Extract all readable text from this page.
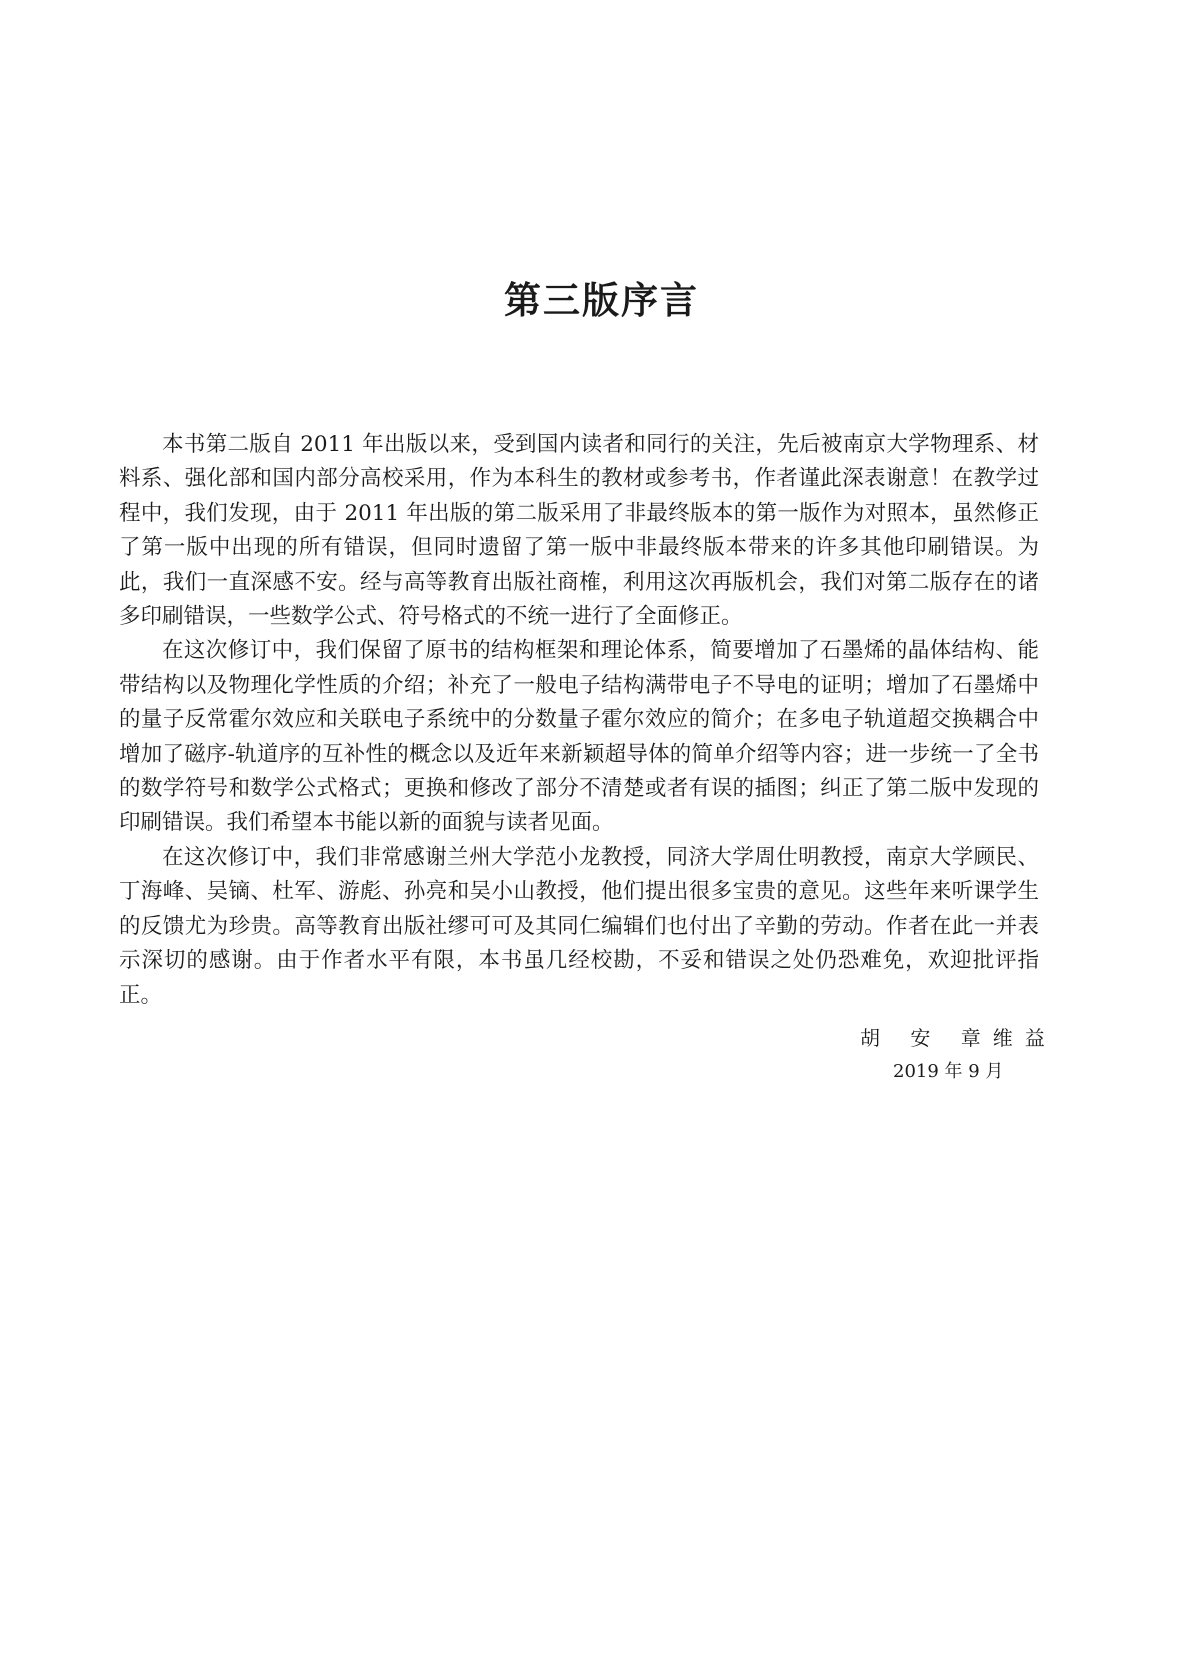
第三版序言

本书第二版自 2011 年出版以来，受到国内读者和同行的关注，先后被南京大学物理系、材料系、强化部和国内部分高校采用，作为本科生的教材或参考书，作者谨此深表谢意！在教学过程中，我们发现，由于 2011 年出版的第二版采用了非最终版本的第一版作为对照本，虽然修正了第一版中出现的所有错误，但同时遗留了第一版中非最终版本带来的许多其他印刷错误。为此，我们一直深感不安。经与高等教育出版社商榷，利用这次再版机会，我们对第二版存在的诸多印刷错误，一些数学公式、符号格式的不统一进行了全面修正。

在这次修订中，我们保留了原书的结构框架和理论体系，简要增加了石墨烯的晶体结构、能带结构以及物理化学性质的介绍；补充了一般电子结构满带电子不导电的证明；增加了石墨烯中的量子反常霍尔效应和关联电子系统中的分数量子霍尔效应的简介；在多电子轨道超交换耦合中增加了磁序-轨道序的互补性的概念以及近年来新颖超导体的简单介绍等内容；进一步统一了全书的数学符号和数学公式格式；更换和修改了部分不清楚或者有误的插图；纠正了第二版中发现的印刷错误。我们希望本书能以新的面貌与读者见面。

在这次修订中，我们非常感谢兰州大学范小龙教授，同济大学周仕明教授，南京大学顾民、丁海峰、吴镝、杜军、游彪、孙亮和吴小山教授，他们提出很多宝贵的意见。这些年来听课学生的反馈尤为珍贵。高等教育出版社缪可可及其同仁编辑们也付出了辛勤的劳动。作者在此一并表示深切的感谢。由于作者水平有限，本书虽几经校勘，不妥和错误之处仍恐难免，欢迎批评指正。

胡 安 章维益
2019 年 9 月
